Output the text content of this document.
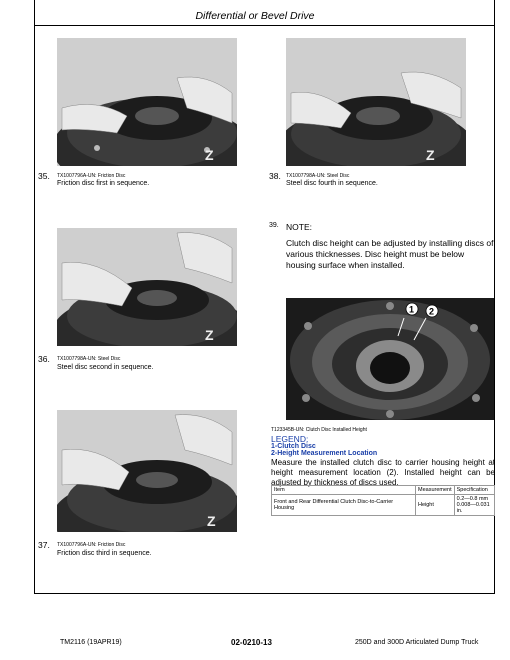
Differential or Bevel Drive
Z
35. TX1007796A-UN: Friction Disc
Friction disc first in sequence.
Z
38. TX1007798A-UN: Steel Disc
Steel disc fourth in sequence.
Z
36. TX1007798A-UN: Steel Disc
Steel disc second in sequence.
Z
37. TX1007796A-UN: Friction Disc
Friction disc third in sequence.
39. NOTE:
Clutch disc height can be adjusted by installing discs of various thicknesses. Disc height must be below housing surface when installed.
1 2
T123345B-UN: Clutch Disc Installed Height
LEGEND:
1-Clutch Disc
2-Height Measurement Location
Measure the installed clutch disc to carrier housing height at height measurement location (2). Installed height can be adjusted by thickness of discs used.
Item	Measurement	Specification
Front and Rear Differential Clutch Disc-to-Carrier Housing	Height	0.2—0.8 mm 0.008—0.031 in.
TM2116 (19APR19)	02-0210-13	250D and 300D Articulated Dump Truck
